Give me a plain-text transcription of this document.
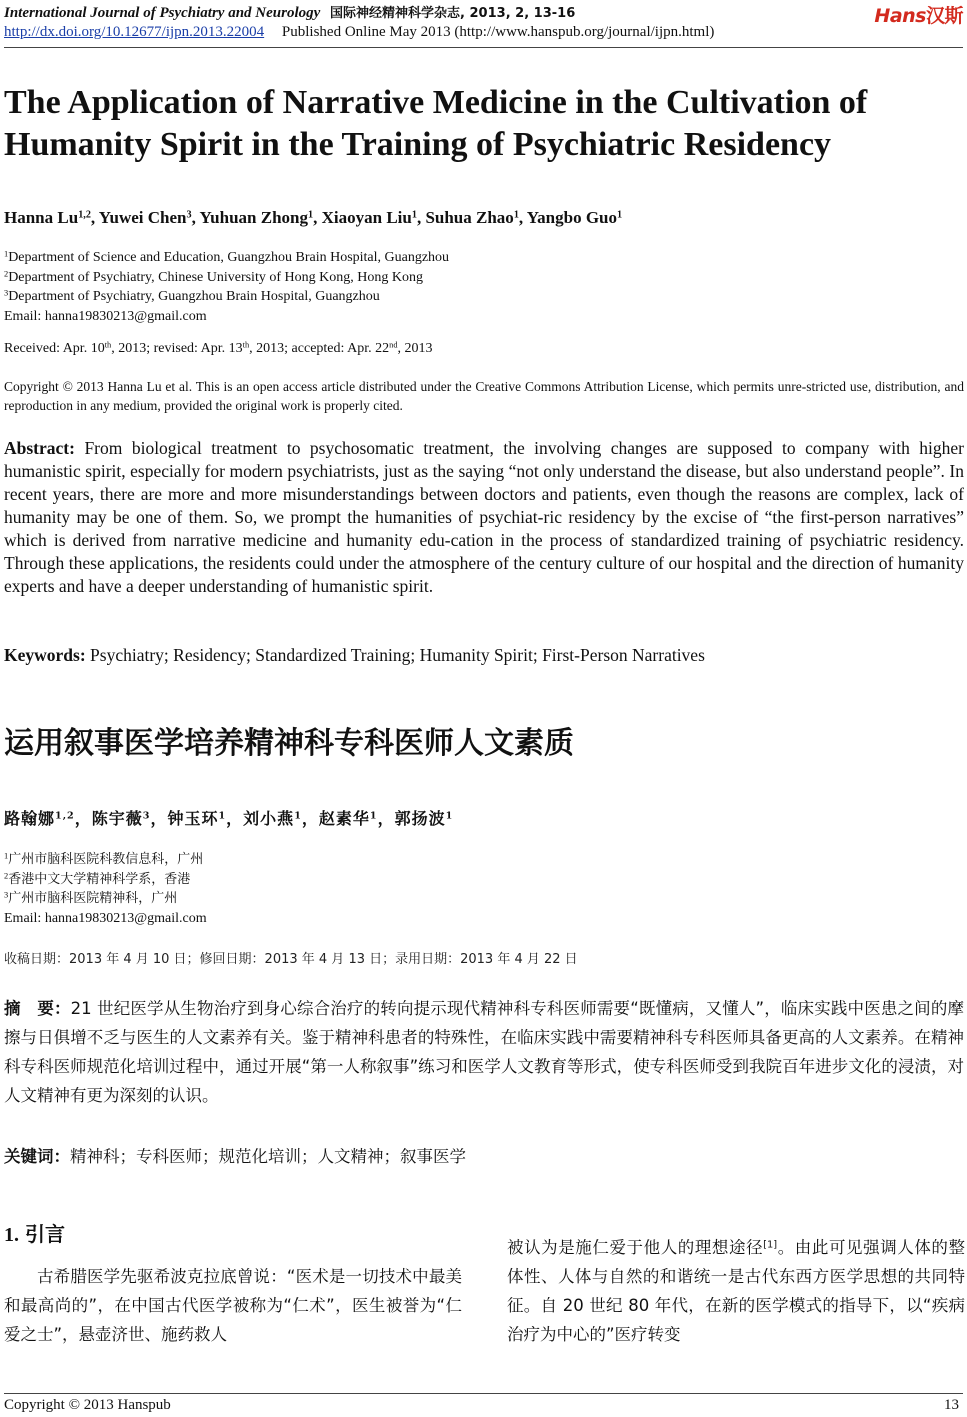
International Journal of Psychiatry and Neurology 国际神经精神科学杂志, 2013, 2, 13-16
http://dx.doi.org/10.12677/ijpn.2013.22004 Published Online May 2013 (http://www.hanspub.org/journal/ijpn.html)
Hans汉斯
The Application of Narrative Medicine in the Cultivation of Humanity Spirit in the Training of Psychiatric Residency
Hanna Lu$^{1,2}$, Yuwei Chen$^3$, Yuhuan Zhong$^1$, Xiaoyan Liu$^1$, Suhua Zhao$^1$, Yangbo Guo$^1$
$^1$Department of Science and Education, Guangzhou Brain Hospital, Guangzhou
$^2$Department of Psychiatry, Chinese University of Hong Kong, Hong Kong
$^3$Department of Psychiatry, Guangzhou Brain Hospital, Guangzhou
Email: hanna19830213@gmail.com
Received: Apr. 10th, 2013; revised: Apr. 13th, 2013; accepted: Apr. 22nd, 2013
Copyright © 2013 Hanna Lu et al. This is an open access article distributed under the Creative Commons Attribution License, which permits unre-stricted use, distribution, and reproduction in any medium, provided the original work is properly cited.
Abstract: From biological treatment to psychosomatic treatment, the involving changes are supposed to company with higher humanistic spirit, especially for modern psychiatrists, just as the saying “not only understand the disease, but also understand people”. In recent years, there are more and more misunderstandings between doctors and patients, even though the reasons are complex, lack of humanity may be one of them. So, we prompt the humanities of psychiat-ric residency by the excise of “the first-person narratives” which is derived from narrative medicine and humanity edu-cation in the process of standardized training of psychiatric residency. Through these applications, the residents could under the atmosphere of the century culture of our hospital and the direction of humanity experts and have a deeper understanding of humanistic spirit.
Keywords: Psychiatry; Residency; Standardized Training; Humanity Spirit; First-Person Narratives
运用叙事医学培养精神科专科医师人文素质
路翰娜$^{1,2}$，陈宇薇$^3$，钟玉环$^1$，刘小燕$^1$，赵素华$^1$，郭扬波$^1$
$^1$广州市脑科医院科教信息科，广州
$^2$香港中文大学精神科学系，香港
$^3$广州市脑科医院精神科，广州
Email: hanna19830213@gmail.com
收稿日期：2013 年 4 月 10 日；修回日期：2013 年 4 月 13 日；录用日期：2013 年 4 月 22 日
摘　要：21 世纪医学从生物治疗到身心综合治疗的转向提示现代精神科专科医师需要“既懂病，又懂人”，临床实践中医患之间的摩擦与日俱增不乏与医生的人文素养有关。鉴于精神科患者的特殊性，在临床实践中需要精神科专科医师具备更高的人文素养。在精神科专科医师规范化培训过程中，通过开展“第一人称叙事”练习和医学人文教育等形式，使专科医师受到我院百年进步文化的浸渍，对人文精神有更为深刻的认识。
关键词：精神科；专科医师；规范化培训；人文精神；叙事医学
1. 引言
古希腊医学先驱希波克拉底曾说：“医术是一切技术中最美和最高尚的”，在中国古代医学被称为“仁术”，医生被誉为“仁爱之士”，悬壶济世、施药救人
被认为是施仁爱于他人的理想途径[1]。由此可见强调人体的整体性、人体与自然的和谐统一是古代东西方医学思想的共同特征。自 20 世纪 80 年代，在新的医学模式的指导下，以“疾病治疗为中心的”医疗转变
Copyright © 2013 Hanspub	13
